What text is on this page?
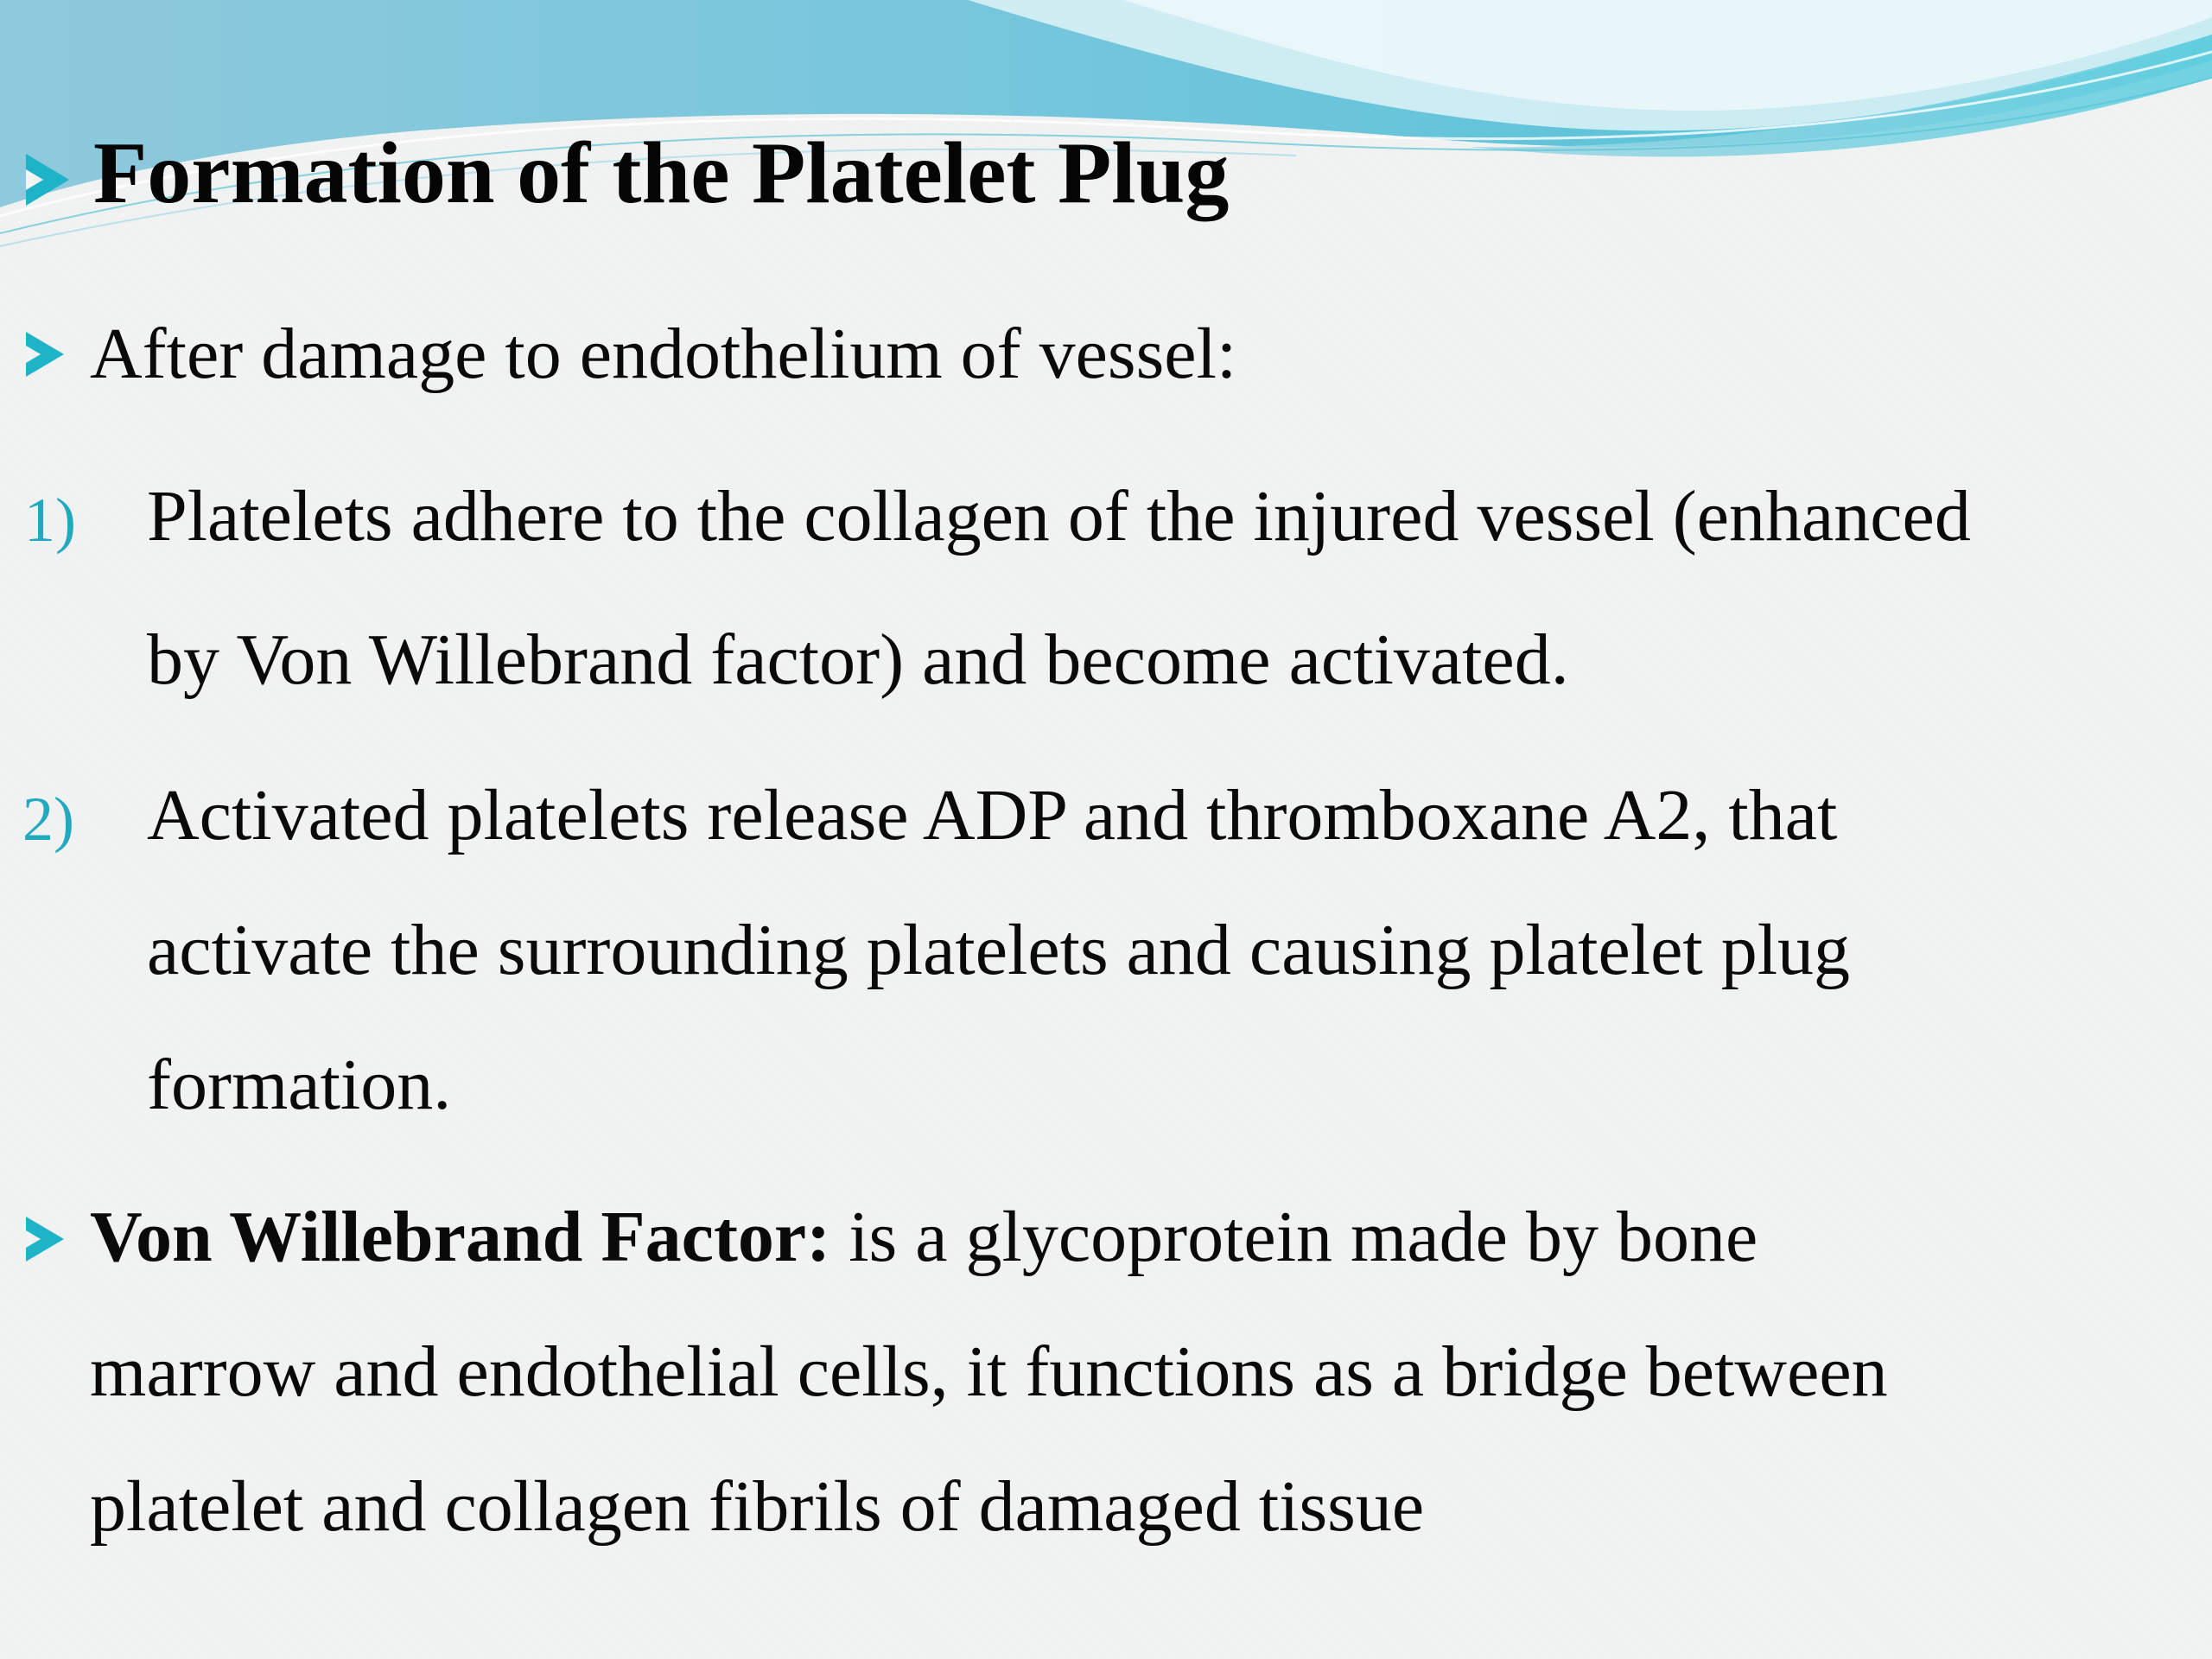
Formation of the Platelet Plug
After damage to endothelium of vessel:
1) Platelets adhere to the collagen of the injured vessel (enhanced
by Von Willebrand factor) and become activated.
2) Activated platelets release ADP and thromboxane A2, that
activate the surrounding platelets and causing platelet plug
formation.
Von Willebrand Factor: is a glycoprotein made by bone
marrow and endothelial cells, it functions as a bridge between
platelet and collagen fibrils of damaged tissue
